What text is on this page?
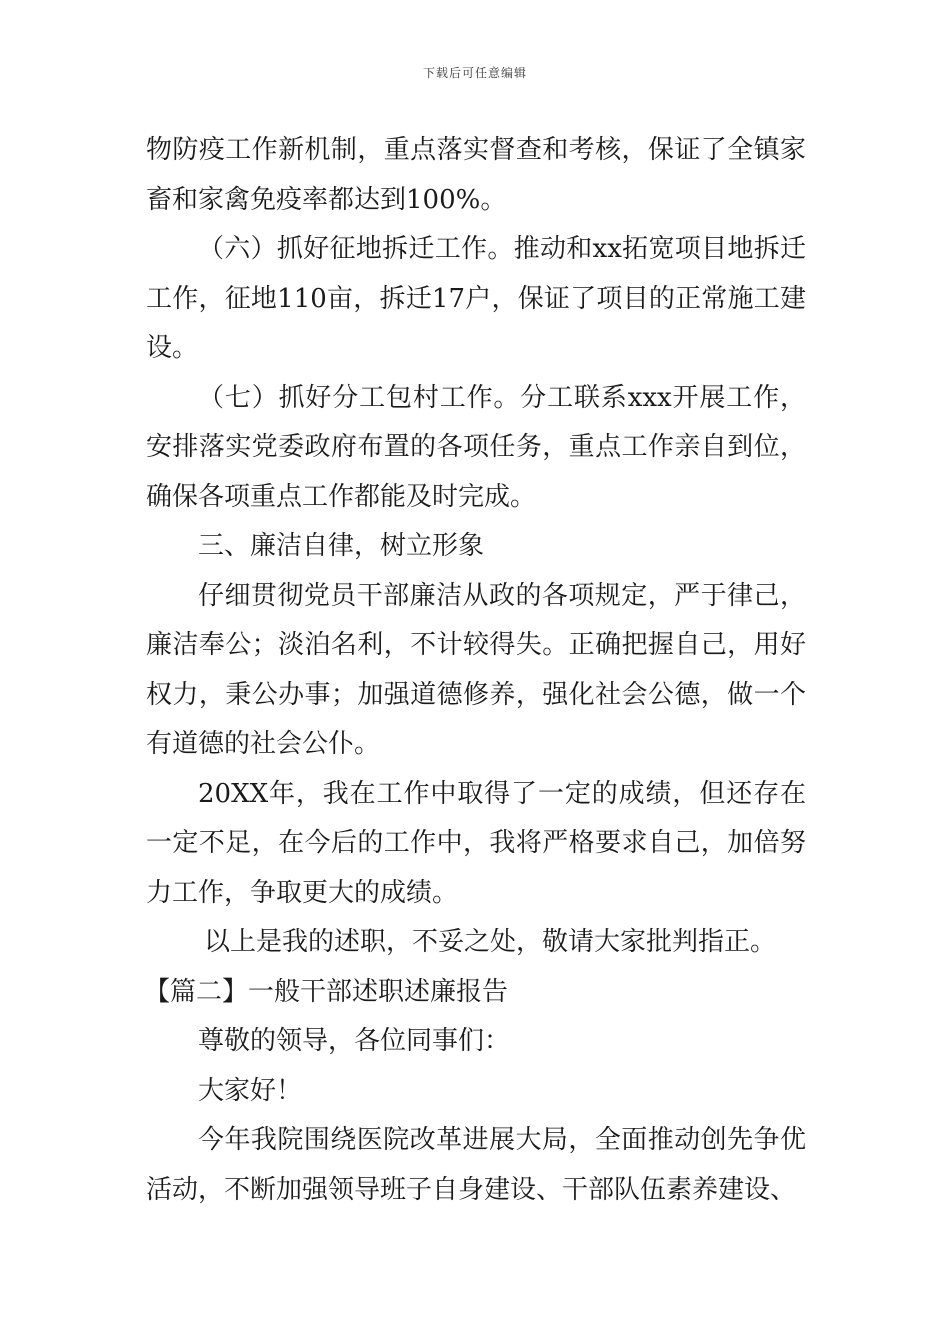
下载后可任意编辑

物防疫工作新机制，重点落实督查和考核，保证了全镇家畜和家禽免疫率都达到100%。

（六）抓好征地拆迁工作。推动和xx拓宽项目地拆迁工作，征地110亩，拆迁17户，保证了项目的正常施工建设。

（七）抓好分工包村工作。分工联系xxx开展工作，安排落实党委政府布置的各项任务，重点工作亲自到位，确保各项重点工作都能及时完成。

三、廉洁自律，树立形象

仔细贯彻党员干部廉洁从政的各项规定，严于律己，廉洁奉公；淡泊名利，不计较得失。正确把握自己，用好权力，秉公办事；加强道德修养，强化社会公德，做一个有道德的社会公仆。

20XX年，我在工作中取得了一定的成绩，但还存在一定不足，在今后的工作中，我将严格要求自己，加倍努力工作，争取更大的成绩。

以上是我的述职，不妥之处，敬请大家批判指正。

【篇二】一般干部述职述廉报告

尊敬的领导，各位同事们：

大家好！

今年我院围绕医院改革进展大局，全面推动创先争优活动，不断加强领导班子自身建设、干部队伍素养建设、
